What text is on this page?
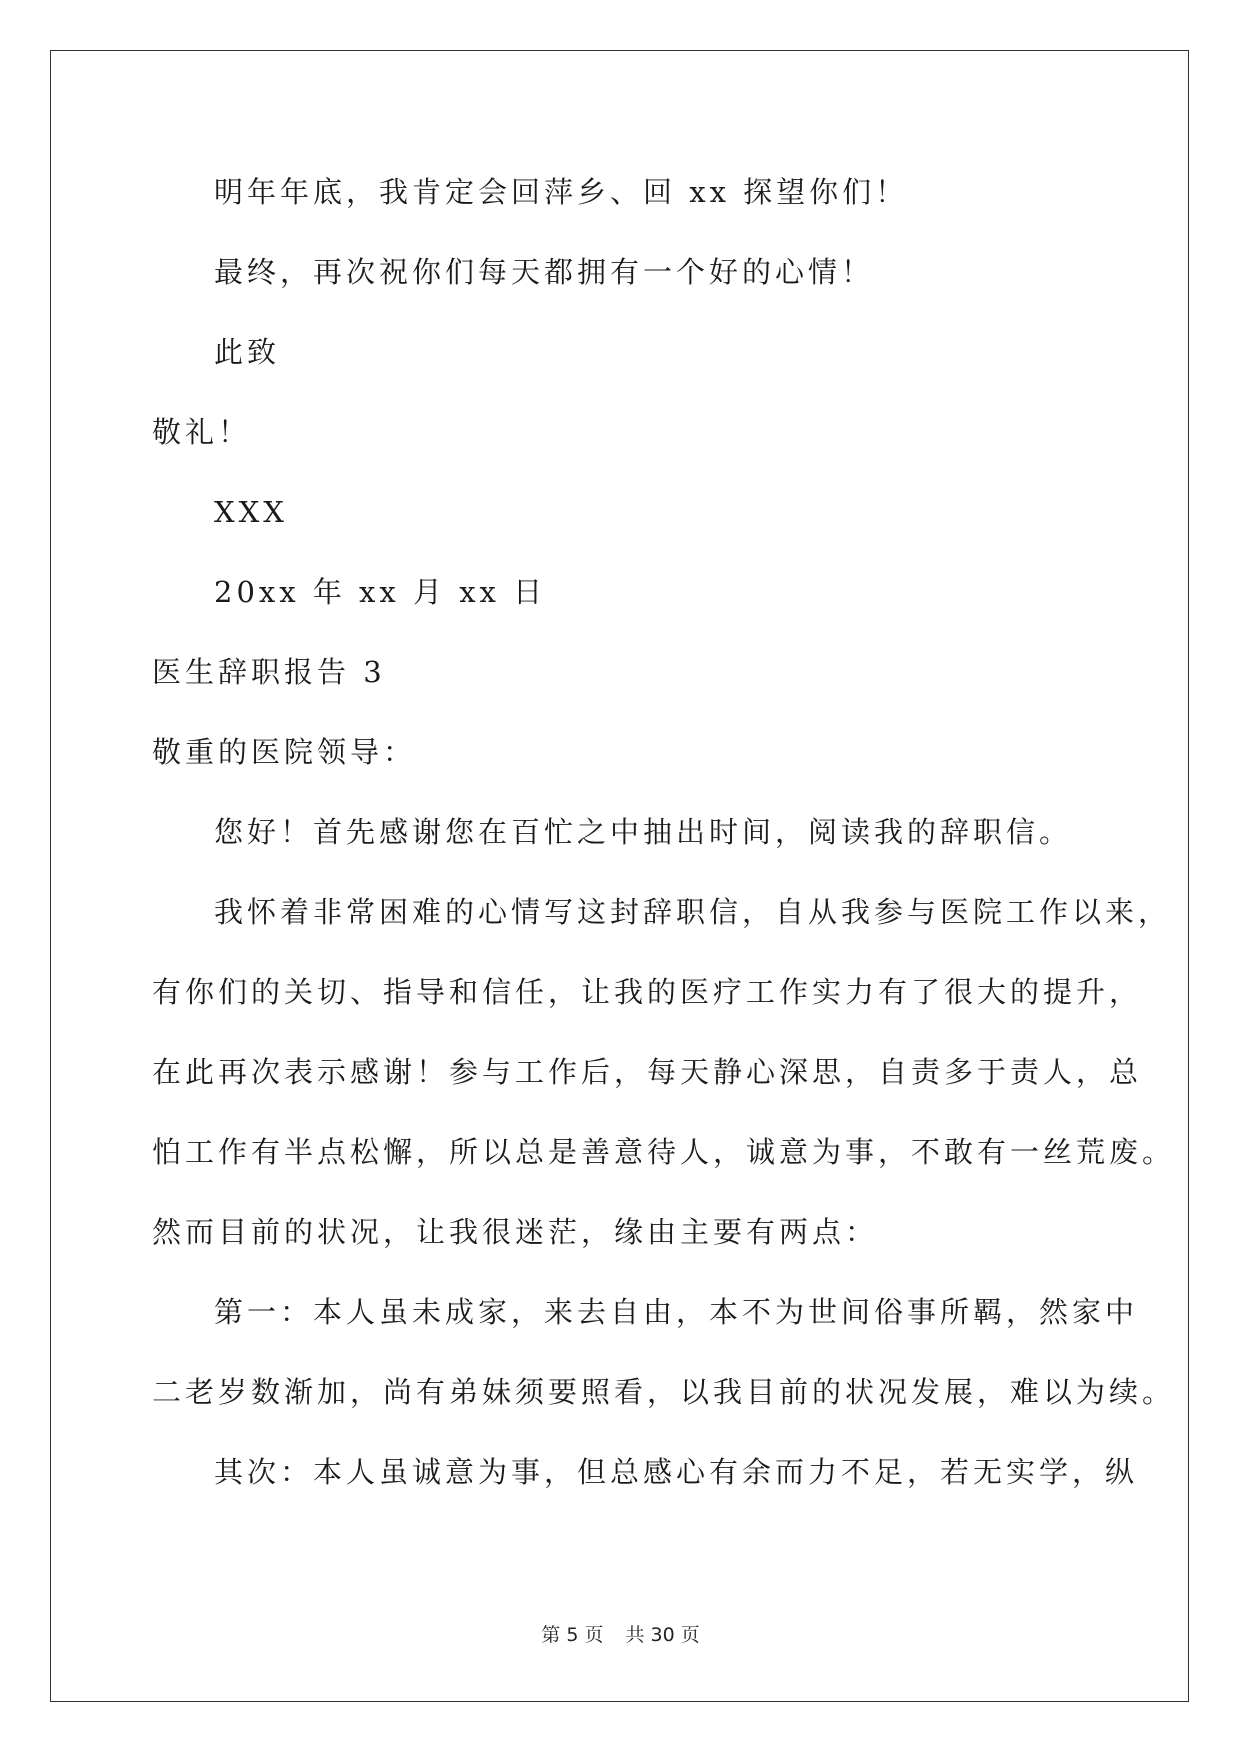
明年年底，我肯定会回萍乡、回 xx 探望你们！
最终，再次祝你们每天都拥有一个好的心情！
此致
敬礼！
XXX
20xx 年 xx 月 xx 日
医生辞职报告 3
敬重的医院领导：
您好！首先感谢您在百忙之中抽出时间，阅读我的辞职信。
我怀着非常困难的心情写这封辞职信，自从我参与医院工作以来，
有你们的关切、指导和信任，让我的医疗工作实力有了很大的提升，
在此再次表示感谢！参与工作后，每天静心深思，自责多于责人，总
怕工作有半点松懈，所以总是善意待人，诚意为事，不敢有一丝荒废。
然而目前的状况，让我很迷茫，缘由主要有两点：
第一：本人虽未成家，来去自由，本不为世间俗事所羁，然家中
二老岁数渐加，尚有弟妹须要照看，以我目前的状况发展，难以为续。
其次：本人虽诚意为事，但总感心有余而力不足，若无实学，纵
第 5 页 共 30 页
